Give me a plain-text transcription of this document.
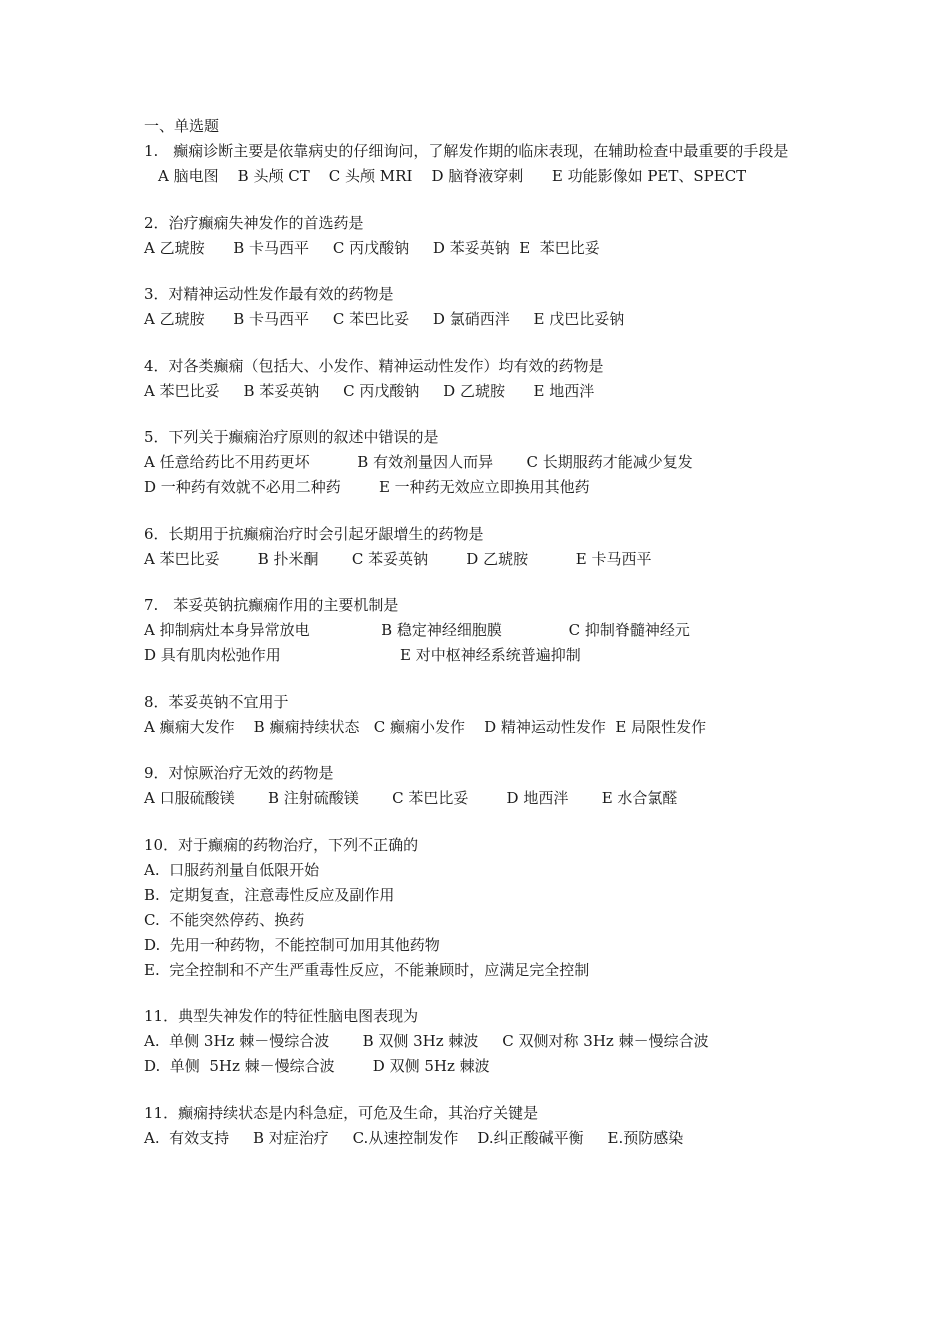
一、单选题
1.　癫痫诊断主要是依靠病史的仔细询问，了解发作期的临床表现，在辅助检查中最重要的手段是
A 脑电图    B 头颅 CT    C 头颅 MRI    D 脑脊液穿刺      E 功能影像如 PET、SPECT
2．治疗癫痫失神发作的首选药是
A 乙琥胺      B 卡马西平     C 丙戊酸钠     D 苯妥英钠  E  苯巴比妥
3．对精神运动性发作最有效的药物是
A 乙琥胺      B 卡马西平     C 苯巴比妥     D 氯硝西泮     E 戊巴比妥钠
4．对各类癫痫（包括大、小发作、精神运动性发作）均有效的药物是
A 苯巴比妥     B 苯妥英钠     C 丙戊酸钠     D 乙琥胺      E 地西泮
5．下列关于癫痫治疗原则的叙述中错误的是
A 任意给药比不用药更坏          B 有效剂量因人而异       C 长期服药才能减少复发
D 一种药有效就不必用二种药        E 一种药无效应立即换用其他药
6．长期用于抗癫痫治疗时会引起牙龈增生的药物是
A 苯巴比妥        B 扑米酮       C 苯妥英钠        D 乙琥胺          E 卡马西平
7.　苯妥英钠抗癫痫作用的主要机制是
A 抑制病灶本身异常放电               B 稳定神经细胞膜              C 抑制脊髓神经元
D 具有肌肉松弛作用                         E 对中枢神经系统普遍抑制
8．苯妥英钠不宜用于
A 癫痫大发作    B 癫痫持续状态   C 癫痫小发作    D 精神运动性发作  E 局限性发作
9．对惊厥治疗无效的药物是
A 口服硫酸镁       B 注射硫酸镁       C 苯巴比妥        D 地西泮       E 水合氯醛
10．对于癫痫的药物治疗，下列不正确的
A.  口服药剂量自低限开始
B.  定期复查，注意毒性反应及副作用
C.  不能突然停药、换药
D.  先用一种药物，不能控制可加用其他药物
E.  完全控制和不产生严重毒性反应，不能兼顾时，应满足完全控制
11．典型失神发作的特征性脑电图表现为
A.  单侧 3Hz 棘－慢综合波       B 双侧 3Hz 棘波     C 双侧对称 3Hz 棘－慢综合波
D.  单侧  5Hz 棘－慢综合波        D 双侧 5Hz 棘波
11．癫痫持续状态是内科急症，可危及生命，其治疗关键是
A.  有效支持     B 对症治疗     C.从速控制发作    D.纠正酸碱平衡     E.预防感染
